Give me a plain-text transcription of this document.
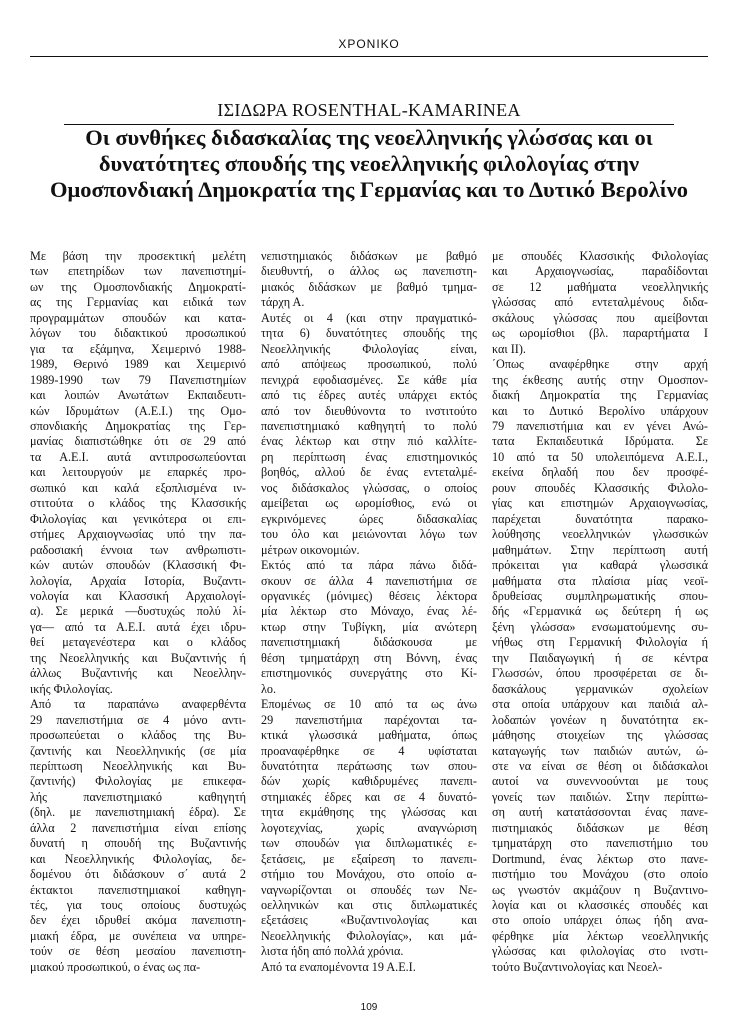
ΧΡΟΝΙΚΟ
ΙΣΙΔΩΡΑ ROSENTHAL-KAMARINEA
Οι συνθήκες διδασκαλίας της νεοελληνικής γλώσσας και οι δυνατότητες σπουδής της νεοελληνικής φιλολογίας στην Ομοσπονδιακή Δημοκρατία της Γερμανίας και το Δυτικό Βερολίνο
Με βάση την προσεκτική μελέτη
των επετηρίδων των πανεπιστημί-
ων της Ομοσπονδιακής Δημοκρατί-
ας της Γερμανίας και ειδικά των
προγραμμάτων σπουδών και κατα-
λόγων του διδακτικού προσωπικού
για τα εξάμηνα, Χειμερινό 1988-
1989, Θερινό 1989 και Χειμερινό
1989-1990 των 79 Πανεπιστημίων
και λοιπών Ανωτάτων Εκπαιδευτι-
κών Ιδρυμάτων (Α.Ε.Ι.) της Ομο-
σπονδιακής Δημοκρατίας της Γερ-
μανίας διαπιστώθηκε ότι σε 29 από
τα Α.Ε.Ι. αυτά αντιπροσωπεύονται
και λειτουργούν με επαρκές προ-
σωπικό και καλά εξοπλισμένα ιν-
στιτούτα ο κλάδος της Κλασσικής
Φιλολογίας και γενικότερα οι επι-
στήμες Αρχαιογνωσίας υπό την πα-
ραδοσιακή έννοια των ανθρωπιστι-
κών αυτών σπουδών (Κλασσική Φι-
λολογία, Αρχαία Ιστορία, Βυζαντι-
νολογία και Κλασσική Αρχαιολογί-
α). Σε μερικά —δυστυχώς πολύ λί-
γα— από τα Α.Ε.Ι. αυτά έχει ιδρυ-
θεί μεταγενέστερα και ο κλάδος
της Νεοελληνικής και Βυζαντινής ή
άλλως Βυζαντινής και Νεοελλην-
ικής Φιλολογίας.
Από τα παραπάνω αναφερθέντα
29 πανεπιστήμια σε 4 μόνο αντι-
προσωπεύεται ο κλάδος της Βυ-
ζαντινής και Νεοελληνικής (σε μία
περίπτωση Νεοελληνικής και Βυ-
ζαντινής) Φιλολογίας με επικεφα-
λής πανεπιστημιακό καθηγητή
(δηλ. με πανεπιστημιακή έδρα). Σε
άλλα 2 πανεπιστήμια είναι επίσης
δυνατή η σπουδή της Βυζαντινής
και Νεοελληνικής Φιλολογίας, δε-
δομένου ότι διδάσκουν σ΄ αυτά 2
έκτακτοι πανεπιστημιακοί καθηγη-
τές, για τους οποίους δυστυχώς
δεν έχει ιδρυθεί ακόμα πανεπιστη-
μιακή έδρα, με συνέπεια να υπηρε-
τούν σε θέση μεσαίου πανεπιστη-
μιακού προσωπικού, ο ένας ως πα-
νεπιστημιακός διδάσκων με βαθμό
διευθυντή, ο άλλος ως πανεπιστη-
μιακός διδάσκων με βαθμό τμημα-
τάρχη Α.
Αυτές οι 4 (και στην πραγματικό-
τητα 6) δυνατότητες σπουδής της
Νεοελληνικής Φιλολογίας είναι,
από απόψεως προσωπικού, πολύ
πενιχρά εφοδιασμένες. Σε κάθε μία
από τις έδρες αυτές υπάρχει εκτός
από τον διευθύνοντα το ινστιτούτο
πανεπιστημιακό καθηγητή το πολύ
ένας λέκτωρ και στην πιό καλλίτε-
ρη περίπτωση ένας επιστημονικός
βοηθός, αλλού δε ένας εντεταλμέ-
νος διδάσκαλος γλώσσας, ο οποίος
αμείβεται ως ωρομίσθιος, ενώ οι
εγκρινόμενες ώρες διδασκαλίας
του όλο και μειώνονται λόγω των
μέτρων οικονομιών.
Εκτός από τα πάρα πάνω διδά-
σκουν σε άλλα 4 πανεπιστήμια σε
οργανικές (μόνιμες) θέσεις λέκτορα
μία λέκτωρ στο Μόναχο, ένας λέ-
κτωρ στην Τυβίγκη, μία ανώτερη
πανεπιστημιακή διδάσκουσα με
θέση τμηματάρχη στη Βόννη, ένας
επιστημονικός συνεργάτης στο Κί-
λο.
Επομένως σε 10 από τα ως άνω
29 πανεπιστήμια παρέχονται τα-
κτικά γλωσσικά μαθήματα, όπως
προαναφέρθηκε σε 4 υφίσταται
δυνατότητα περάτωσης των σπου-
δών χωρίς καθιδρυμένες πανεπι-
στημιακές έδρες και σε 4 δυνατό-
τητα εκμάθησης της γλώσσας και
λογοτεχνίας, χωρίς αναγνώριση
των σπουδών για διπλωματικές ε-
ξετάσεις, με εξαίρεση το πανεπι-
στήμιο του Μονάχου, στο οποίο α-
ναγνωρίζονται οι σπουδές των Νε-
οελληνικών και στις διπλωματικές
εξετάσεις «Βυζαντινολογίας και
Νεοελληνικής Φιλολογίας», και μά-
λιστα ήδη από πολλά χρόνια.
Από τα εναπομένοντα 19 Α.Ε.Ι.
με σπουδές Κλασσικής Φιλολογίας
και Αρχαιογνωσίας, παραδίδονται
σε 12 μαθήματα νεοελληνικής
γλώσσας από εντεταλμένους διδα-
σκάλους γλώσσας που αμείβονται
ως ωρομίσθιοι (βλ. παραρτήματα Ι
και ΙΙ).
΄Οπως αναφέρθηκε στην αρχή
της έκθεσης αυτής στην Ομοσπον-
διακή Δημοκρατία της Γερμανίας
και το Δυτικό Βερολίνο υπάρχουν
79 πανεπιστήμια και εν γένει Ανώ-
τατα Εκπαιδευτικά Ιδρύματα. Σε
10 από τα 50 υπολειπόμενα Α.Ε.Ι.,
εκείνα δηλαδή που δεν προσφέ-
ρουν σπουδές Κλασσικής Φιλολο-
γίας και επιστημών Αρχαιογνωσίας,
παρέχεται δυνατότητα παρακο-
λούθησης νεοελληνικών γλωσσικών
μαθημάτων. Στην περίπτωση αυτή
πρόκειται για καθαρά γλωσσικά
μαθήματα στα πλαίσια μίας νεοϊ-
δρυθείσας συμπληρωματικής σπου-
δής «Γερμανικά ως δεύτερη ή ως
ξένη γλώσσα» ενσωματούμενης συ-
νήθως στη Γερμανική Φιλολογία ή
την Παιδαγωγική ή σε κέντρα
Γλωσσών, όπου προσφέρεται σε δι-
δασκάλους γερμανικών σχολείων
στα οποία υπάρχουν και παιδιά αλ-
λοδαπών γονέων η δυνατότητα εκ-
μάθησης στοιχείων της γλώσσας
καταγωγής των παιδιών αυτών, ώ-
στε να είναι σε θέση οι διδάσκαλοι
αυτοί να συνεννοούνται με τους
γονείς των παιδιών. Στην περίπτω-
ση αυτή κατατάσσονται ένας πανε-
πιστημιακός διδάσκων με θέση
τμηματάρχη στο πανεπιστήμιο του
Dortmund, ένας λέκτωρ στο πανε-
πιστήμιο του Μονάχου (στο οποίο
ως γνωστόν ακμάζουν η Βυζαντινο-
λογία και οι κλασσικές σπουδές και
στο οποίο υπάρχει όπως ήδη ανα-
φέρθηκε μία λέκτωρ νεοελληνικής
γλώσσας και φιλολογίας στο ινστι-
τούτο Βυζαντινολογίας και Νεοελ-
109
